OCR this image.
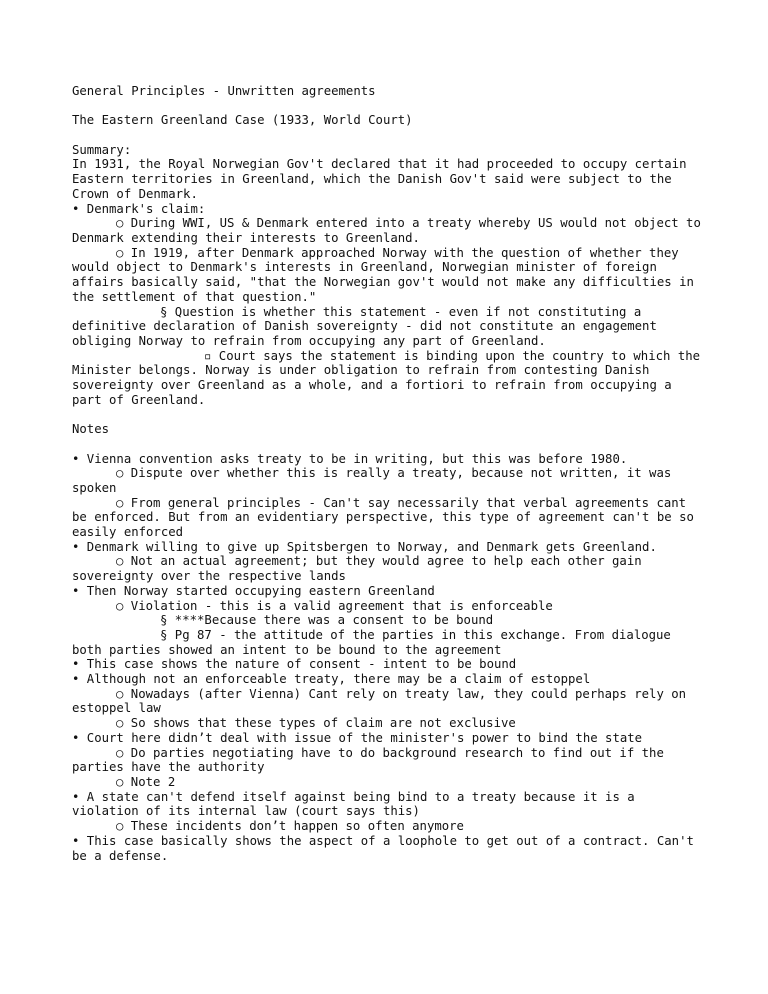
General Principles - Unwritten agreements

The Eastern Greenland Case (1933, World Court)

Summary:

In 1931, the Royal Norwegian Gov't declared that it had proceeded to occupy certain Eastern territories in Greenland, which the Danish Gov't said were subject to the Crown of Denmark.

• Denmark's claim:

○ During WWI, US & Denmark entered into a treaty whereby US would not object to Denmark extending their interests to Greenland.

○ In 1919, after Denmark approached Norway with the question of whether they would object to Denmark's interests in Greenland, Norwegian minister of foreign affairs basically said, "that the Norwegian gov't would not make any difficulties in the settlement of that question."

§ Question is whether this statement - even if not constituting a definitive declaration of Danish sovereignty - did not constitute an engagement obliging Norway to refrain from occupying any part of Greenland.

▫ Court says the statement is binding upon the country to which the Minister belongs. Norway is under obligation to refrain from contesting Danish sovereignty over Greenland as a whole, and a fortiori to refrain from occupying a part of Greenland.

Notes

• Vienna convention asks treaty to be in writing, but this was before 1980.

○ Dispute over whether this is really a treaty, because not written, it was spoken

○ From general principles - Can't say necessarily that verbal agreements cant be enforced. But from an evidentiary perspective, this type of agreement can't be so easily enforced

• Denmark willing to give up Spitsbergen to Norway, and Denmark gets Greenland.

○ Not an actual agreement; but they would agree to help each other gain sovereignty over the respective lands

• Then Norway started occupying eastern Greenland

○ Violation - this is a valid agreement that is enforceable

§ ****Because there was a consent to be bound

§ Pg 87 - the attitude of the parties in this exchange. From dialogue both parties showed an intent to be bound to the agreement

• This case shows the nature of consent - intent to be bound

• Although not an enforceable treaty, there may be a claim of estoppel

○ Nowadays (after Vienna) Cant rely on treaty law, they could perhaps rely on estoppel law

○ So shows that these types of claim are not exclusive

• Court here didn’t deal with issue of the minister's power to bind the state

○ Do parties negotiating have to do background research to find out if the parties have the authority

○ Note 2

• A state can't defend itself against being bind to a treaty because it is a violation of its internal law (court says this)

○ These incidents don’t happen so often anymore

• This case basically shows the aspect of a loophole to get out of a contract. Can't be a defense.
